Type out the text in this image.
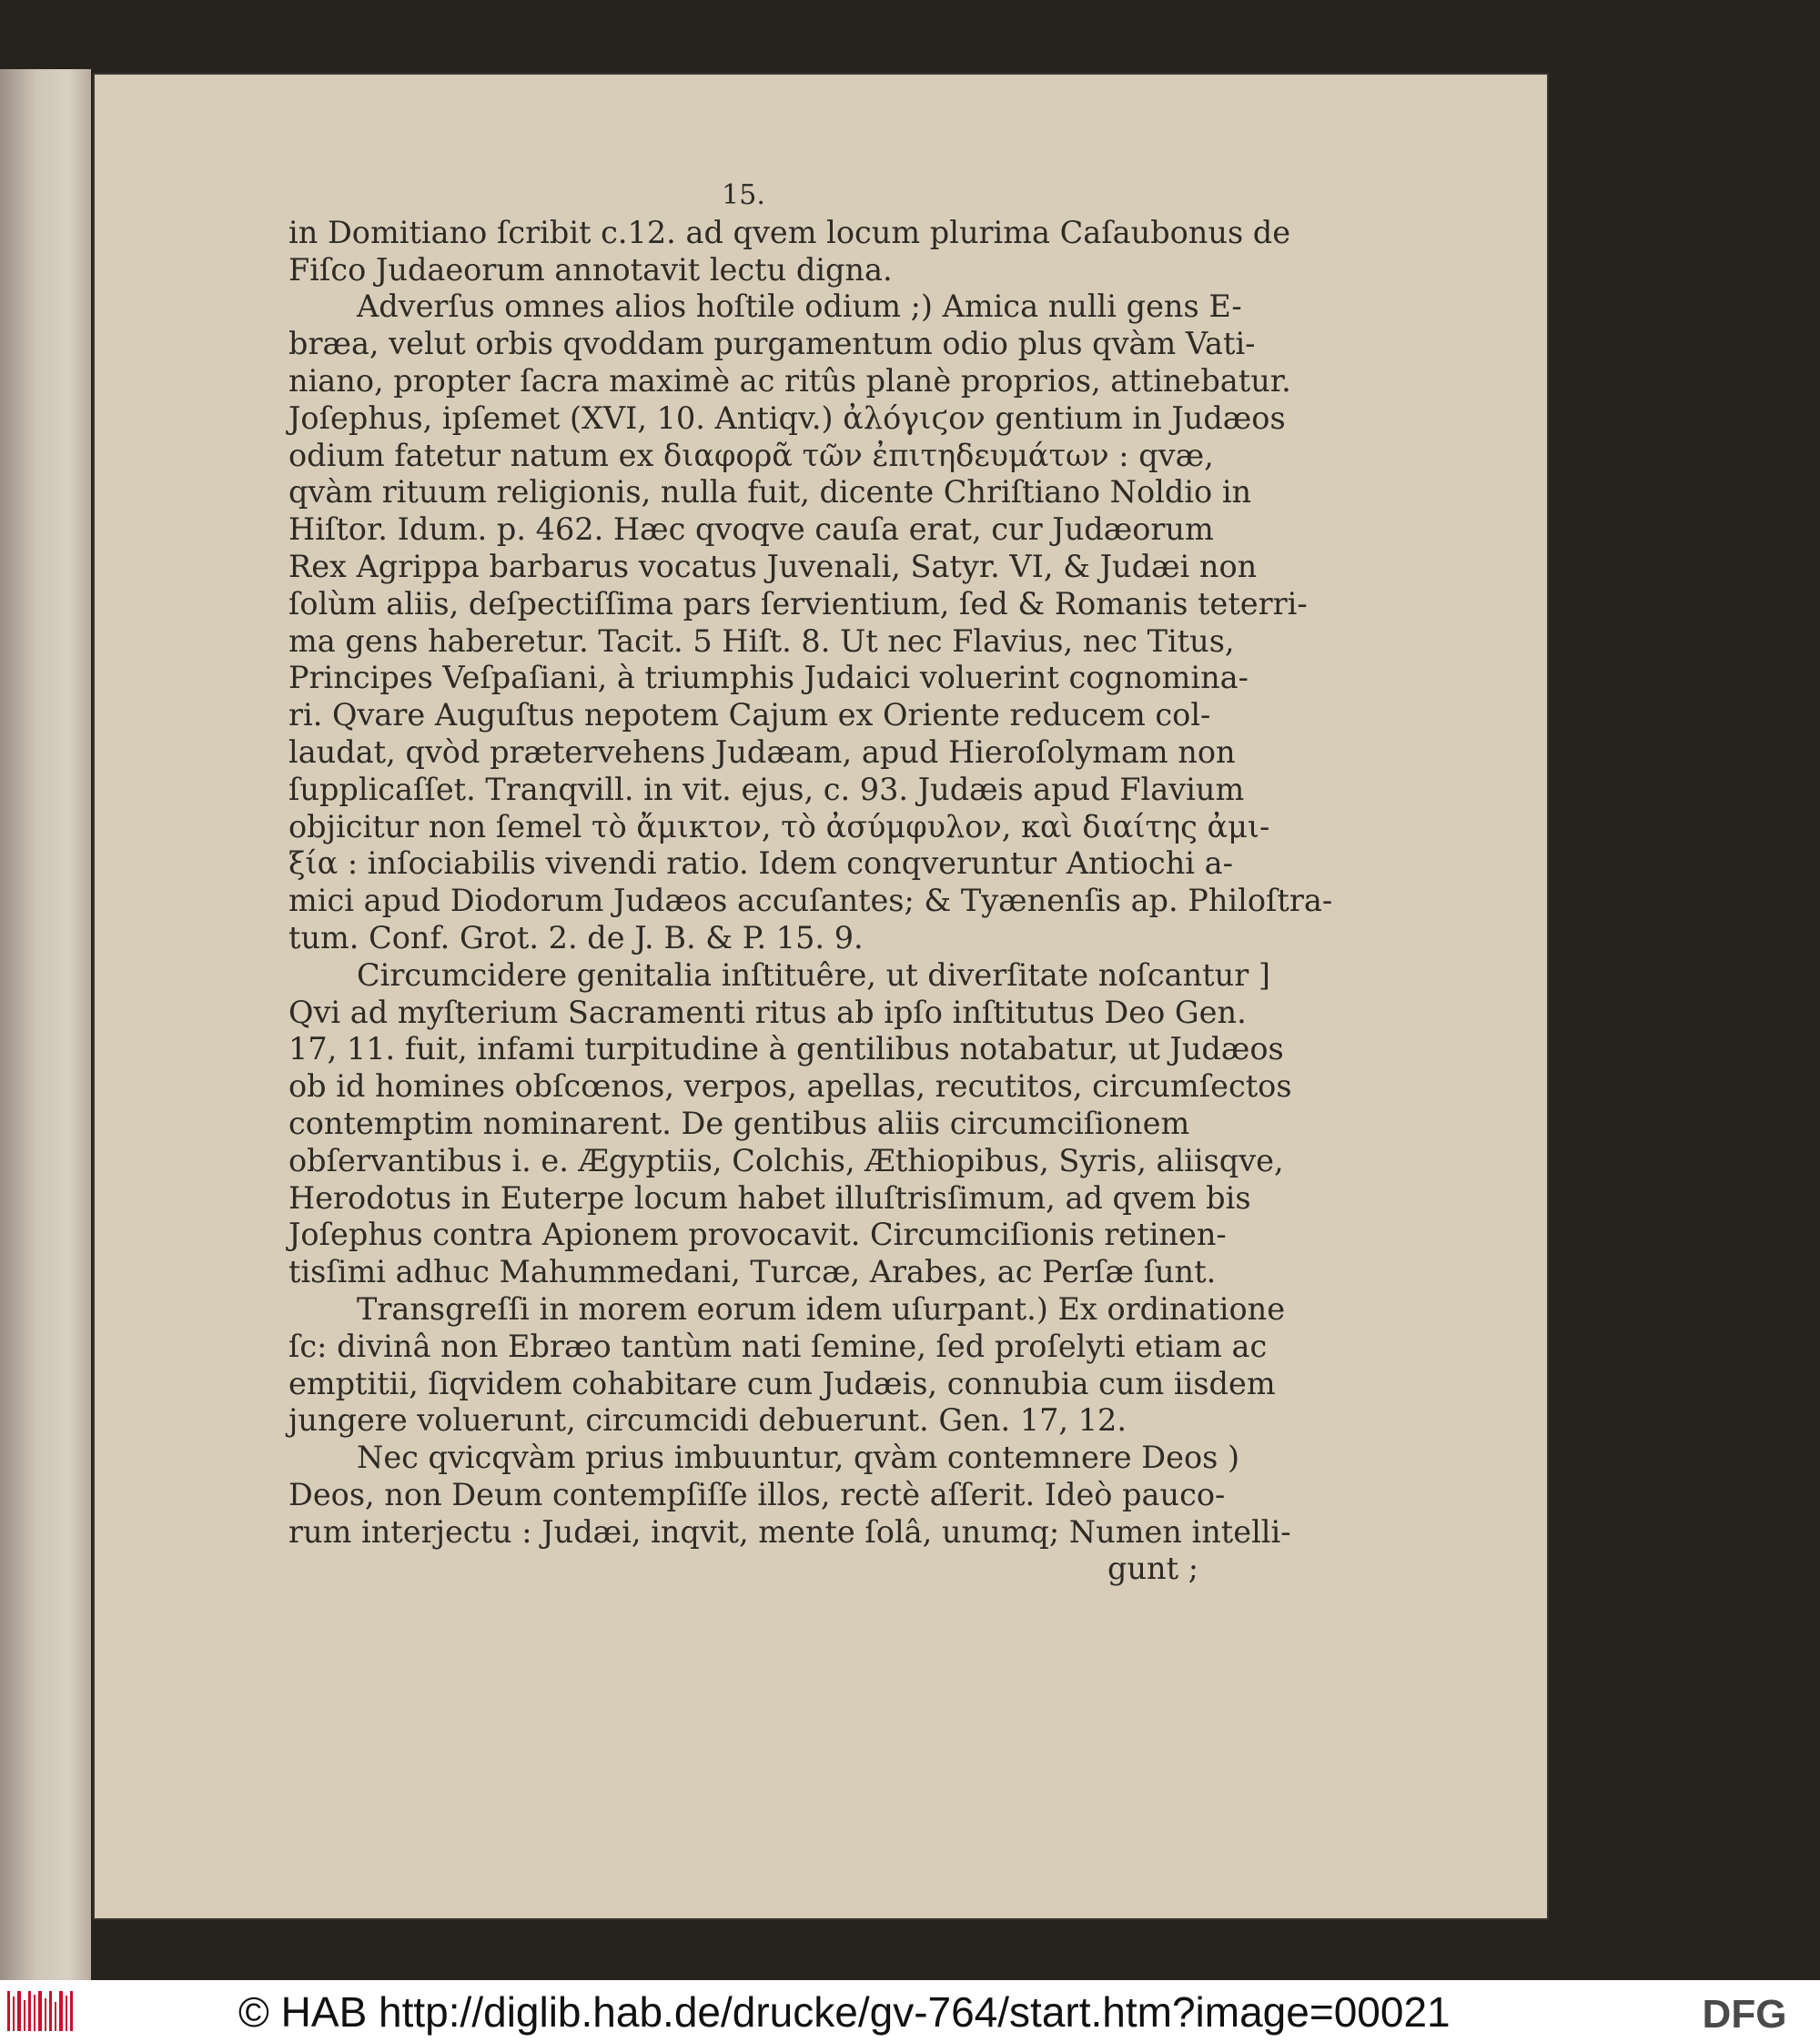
15.
in Domitiano ſcribit c.12. ad qvem locum plurima Caſaubonus de
Fiſco Judaeorum annotavit lectu digna.
Adverſus omnes alios hoſtile odium ;) Amica nulli gens E-
bræa, velut orbis qvoddam purgamentum odio plus qvàm Vati-
niano, propter ſacra maximè ac ritûs planè proprios, attinebatur.
Joſephus, ipſemet (XVI, 10. Antiqv.) ἀλόγιϛον gentium in Judæos
odium fatetur natum ex διαφορᾶ τῶν ἐπιτηδευμάτων : qvæ,
qvàm rituum religionis, nulla fuit, dicente Chriſtiano Noldio in
Hiſtor. Idum. p. 462. Hæc qvoqve cauſa erat, cur Judæorum
Rex Agrippa barbarus vocatus Juvenali, Satyr. VI, & Judæi non
ſolùm aliis, deſpectiſſima pars ſervientium, ſed & Romanis teterri-
ma gens haberetur. Tacit. 5 Hiſt. 8. Ut nec Flavius, nec Titus,
Principes Veſpaſiani, à triumphis Judaici voluerint cognomina-
ri. Qvare Auguſtus nepotem Cajum ex Oriente reducem col-
laudat, qvòd prætervehens Judæam, apud Hieroſolymam non
ſupplicaſſet. Tranqvill. in vit. ejus, c. 93. Judæis apud Flavium
objicitur non ſemel τὸ ἄμικτον, τὸ ἀσύμφυλον, καὶ διαίτης ἀμι-
ξία : inſociabilis vivendi ratio. Idem conqveruntur Antiochi a-
mici apud Diodorum Judæos accuſantes; & Tyænenſis ap. Philoſtra-
tum. Conf. Grot. 2. de J. B. & P. 15. 9.
Circumcidere genitalia inſtituêre, ut diverſitate noſcantur ]
Qvi ad myſterium Sacramenti ritus ab ipſo inſtitutus Deo Gen.
17, 11. fuit, infami turpitudine à gentilibus notabatur, ut Judæos
ob id homines obſcœnos, verpos, apellas, recutitos, circumſectos
contemptim nominarent. De gentibus aliis circumciſionem
obſervantibus i. e. Ægyptiis, Colchis, Æthiopibus, Syris, aliisqve,
Herodotus in Euterpe locum habet illuſtrisſimum, ad qvem bis
Joſephus contra Apionem provocavit. Circumciſionis retinen-
tisſimi adhuc Mahummedani, Turcæ, Arabes, ac Perſæ ſunt.
Transgreſſi in morem eorum idem uſurpant.) Ex ordinatione
ſc: divinâ non Ebræo tantùm nati ſemine, ſed proſelyti etiam ac
emptitii, ſiqvidem cohabitare cum Judæis, connubia cum iisdem
jungere voluerunt, circumcidi debuerunt. Gen. 17, 12.
Nec qvicqvàm prius imbuuntur, qvàm contemnere Deos )
Deos, non Deum contempſiſſe illos, rectè aſſerit. Ideò pauco-
rum interjectu : Judæi, inqvit, mente ſolâ, unumq; Numen intelli-
gunt ;
© HAB http://diglib.hab.de/drucke/gv-764/start.htm?image=00021	DFG
